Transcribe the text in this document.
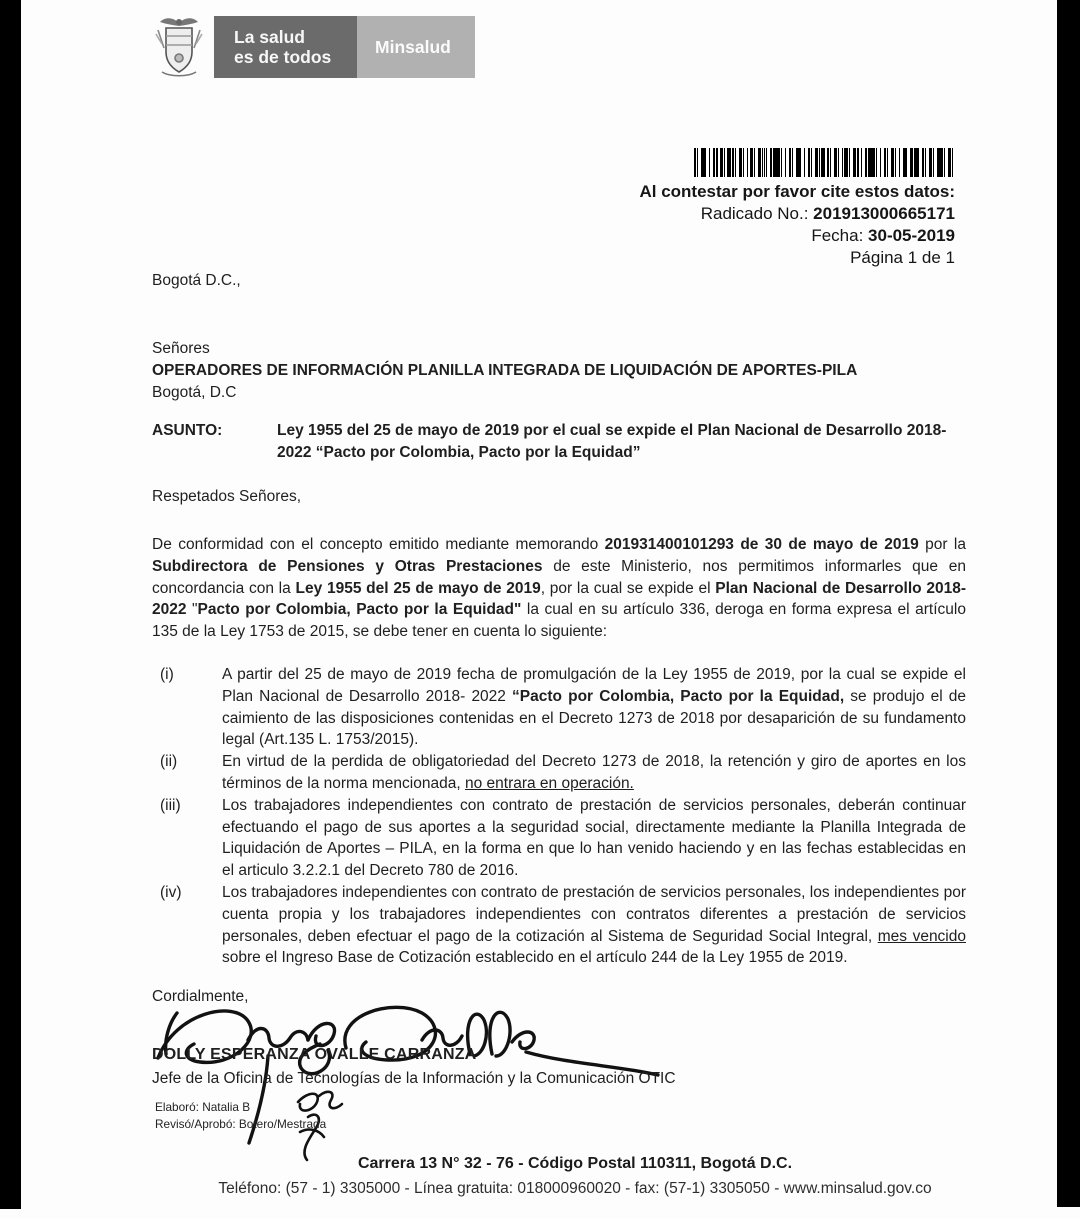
La salud
es de todos
Minsalud
Al contestar por favor cite estos datos:
Radicado No.: 201913000665171
Fecha: 30-05-2019
Página 1 de 1
Bogotá D.C.,
Señores
OPERADORES DE INFORMACIÓN PLANILLA INTEGRADA DE LIQUIDACIÓN DE APORTES-PILA
Bogotá, D.C
ASUNTO:	Ley 1955 del 25 de mayo de 2019 por el cual se expide el Plan Nacional de Desarrollo 2018-
2022 “Pacto por Colombia, Pacto por la Equidad”
Respetados Señores,
De conformidad con el concepto emitido mediante memorando 201931400101293 de 30 de mayo de 2019 por la Subdirectora de Pensiones y Otras Prestaciones de este Ministerio, nos permitimos informarles que en concordancia con la Ley 1955 del 25 de mayo de 2019, por la cual se expide el Plan Nacional de Desarrollo 2018- 2022 "Pacto por Colombia, Pacto por la Equidad" la cual en su artículo 336, deroga en forma expresa el artículo 135 de la Ley 1753 de 2015, se debe tener en cuenta lo siguiente:
(i)	A partir del 25 de mayo de 2019 fecha de promulgación de la Ley 1955 de 2019, por la cual se expide el Plan Nacional de Desarrollo 2018- 2022 “Pacto por Colombia, Pacto por la Equidad, se produjo el de caimiento de las disposiciones contenidas en el Decreto 1273 de 2018 por desaparición de su fundamento legal (Art.135 L. 1753/2015).
(ii)	En virtud de la perdida de obligatoriedad del Decreto 1273 de 2018, la retención y giro de aportes en los términos de la norma mencionada, no entrara en operación.
(iii)	Los trabajadores independientes con contrato de prestación de servicios personales, deberán continuar efectuando el pago de sus aportes a la seguridad social, directamente mediante la Planilla Integrada de Liquidación de Aportes – PILA, en la forma en que lo han venido haciendo y en las fechas establecidas en el articulo 3.2.2.1 del Decreto 780 de 2016.
(iv)	Los trabajadores independientes con contrato de prestación de servicios personales, los independientes por cuenta propia y los trabajadores independientes con contratos diferentes a prestación de servicios personales, deben efectuar el pago de la cotización al Sistema de Seguridad Social Integral, mes vencido sobre el Ingreso Base de Cotización establecido en el artículo 244 de la Ley 1955 de 2019.
Cordialmente,
DOLLY ESPERANZA OVALLE CARRANZA
Jefe de la Oficina de Tecnologías de la Información y la Comunicación OTIC
Elaboró: Natalia B
Revisó/Aprobó: Botero/Mestrada
Carrera 13 N° 32 - 76 - Código Postal 110311, Bogotá D.C.
Teléfono: (57 - 1) 3305000 - Línea gratuita: 018000960020 - fax: (57-1) 3305050 - www.minsalud.gov.co
